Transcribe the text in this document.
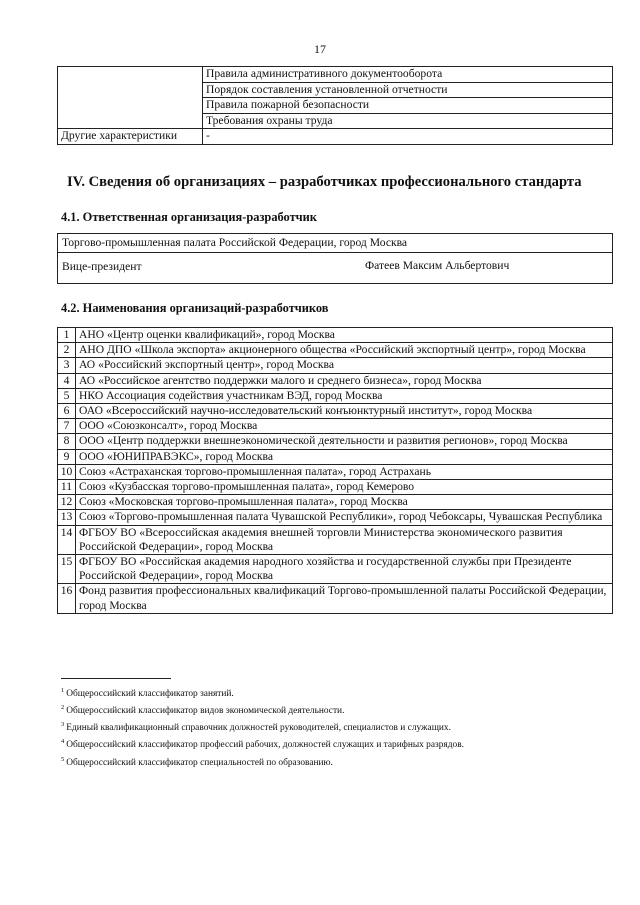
17
	Правила административного документооборота
	Порядок составления установленной отчетности
	Правила пожарной безопасности
	Требования охраны труда
Другие характеристики	-
IV. Сведения об организациях – разработчиках профессионального стандарта
4.1. Ответственная организация-разработчик
Торгово-промышленная палата Российской Федерации, город Москва

Вице-президент	Фатеев Максим Альбертович
4.2. Наименования организаций-разработчиков
1	АНО «Центр оценки квалификаций», город Москва
2	АНО ДПО «Школа экспорта» акционерного общества «Российский экспортный центр», город Москва
3	АО «Российский экспортный центр», город Москва
4	АО «Российское агентство поддержки малого и среднего бизнеса», город Москва
5	НКО Ассоциация содействия участникам ВЭД, город Москва
6	ОАО «Всероссийский научно-исследовательский конъюнктурный институт», город Москва
7	ООО «Союзконсалт», город Москва
8	ООО «Центр поддержки внешнеэкономической деятельности и развития регионов», город Москва
9	ООО «ЮНИПРАВЭКС», город Москва
10	Союз «Астраханская торгово-промышленная палата», город Астрахань
11	Союз «Кузбасская торгово-промышленная палата», город Кемерово
12	Союз «Московская торгово-промышленная палата», город Москва
13	Союз «Торгово-промышленная палата Чувашской Республики», город Чебоксары, Чувашская Республика
14	ФГБОУ ВО «Всероссийская академия внешней торговли Министерства экономического развития Российской Федерации», город Москва
15	ФГБОУ ВО «Российская академия народного хозяйства и государственной службы при Президенте Российской Федерации», город Москва
16	Фонд развития профессиональных квалификаций Торгово-промышленной палаты Российской Федерации, город Москва
$^1$ Общероссийский классификатор занятий.
$^2$ Общероссийский классификатор видов экономической деятельности.
$^3$ Единый квалификационный справочник должностей руководителей, специалистов и служащих.
$^4$ Общероссийский классификатор профессий рабочих, должностей служащих и тарифных разрядов.
$^5$ Общероссийский классификатор специальностей по образованию.
